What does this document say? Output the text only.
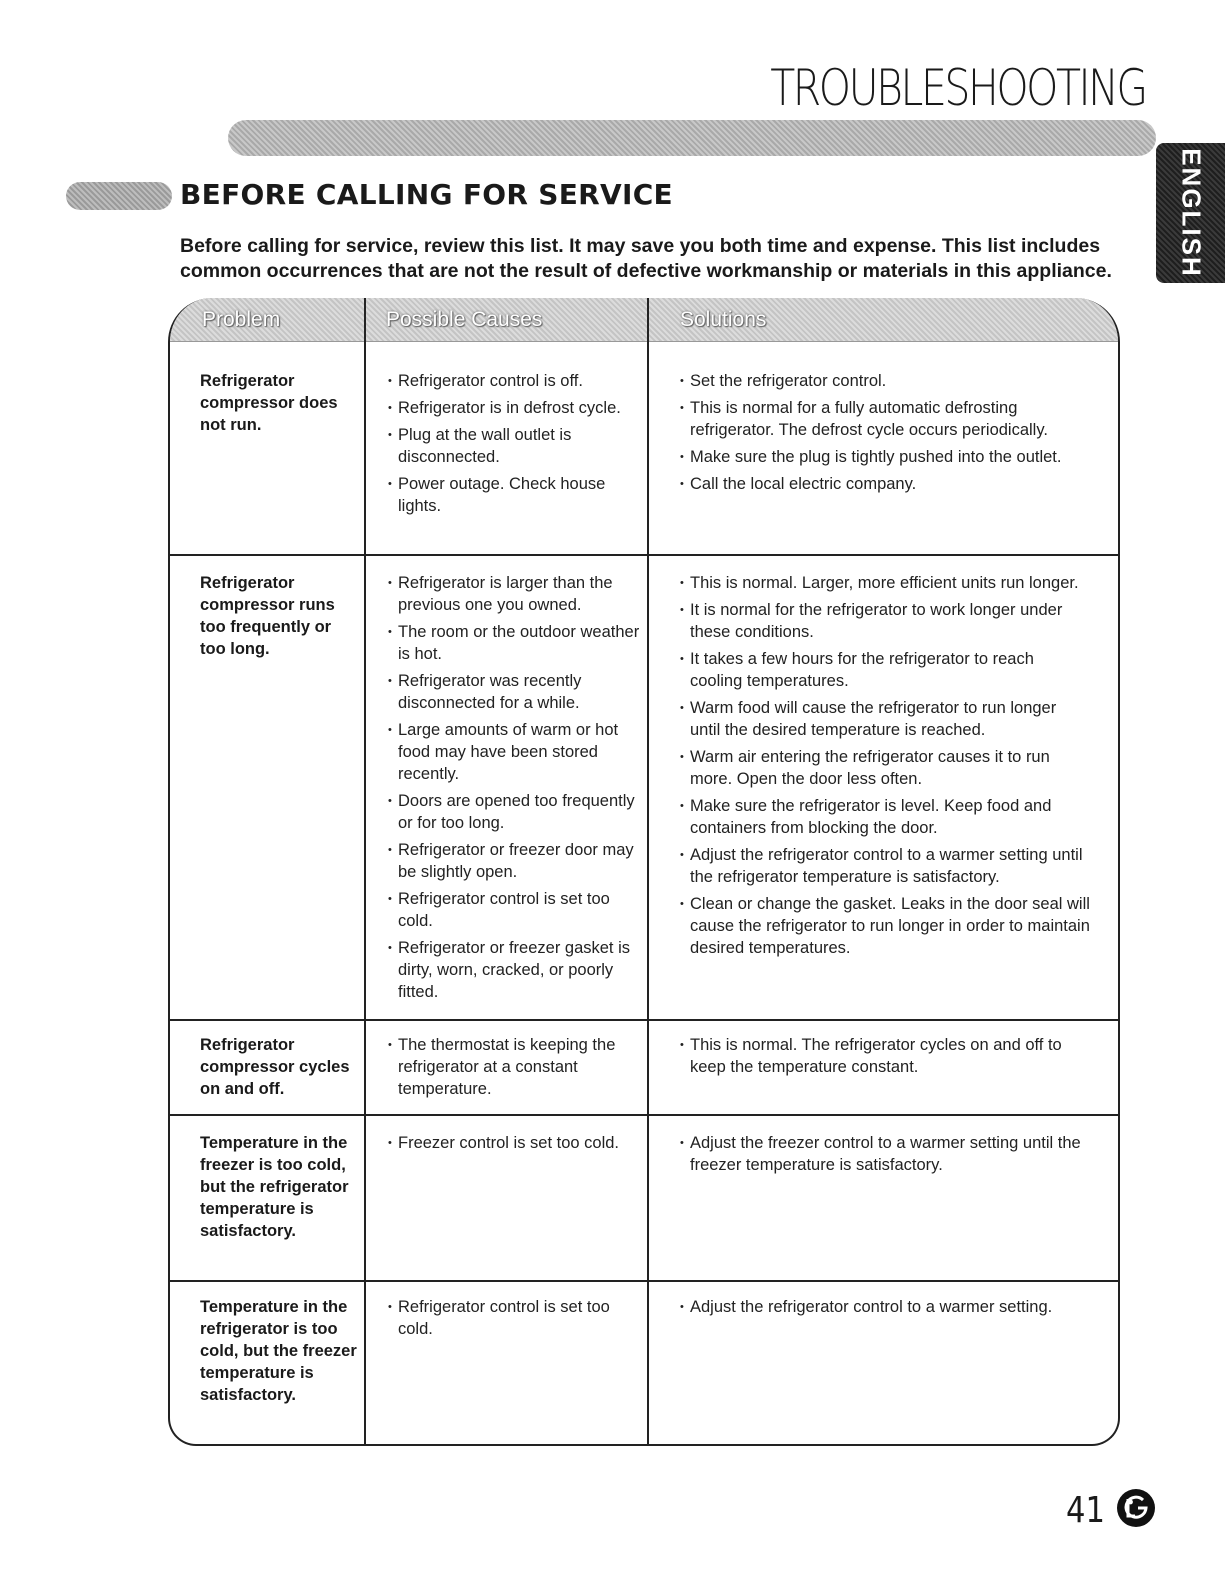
TROUBLESHOOTING
ENGLISH
BEFORE CALLING FOR SERVICE
Before calling for service, review this list. It may save you both time and expense. This list includes common occurrences that are not the result of defective workmanship or materials in this appliance.
Problem	Possible Causes	Solutions
Refrigerator compressor does not run.
• Refrigerator control is off.
• Refrigerator is in defrost cycle.
• Plug at the wall outlet is disconnected.
• Power outage. Check house lights.
• Set the refrigerator control.
• This is normal for a fully automatic defrosting refrigerator. The defrost cycle occurs periodically.
• Make sure the plug is tightly pushed into the outlet.
• Call the local electric company.
Refrigerator compressor runs too frequently or too long.
• Refrigerator is larger than the previous one you owned.
• The room or the outdoor weather is hot.
• Refrigerator was recently disconnected for a while.
• Large amounts of warm or hot food may have been stored recently.
• Doors are opened too frequently or for too long.
• Refrigerator or freezer door may be slightly open.
• Refrigerator control is set too cold.
• Refrigerator or freezer gasket is dirty, worn, cracked, or poorly fitted.
• This is normal. Larger, more efficient units run longer.
• It is normal for the refrigerator to work longer under these conditions.
• It takes a few hours for the refrigerator to reach cooling temperatures.
• Warm food will cause the refrigerator to run longer until the desired temperature is reached.
• Warm air entering the refrigerator causes it to run more. Open the door less often.
• Make sure the refrigerator is level. Keep food and containers from blocking the door.
• Adjust the refrigerator control to a warmer setting until the refrigerator temperature is satisfactory.
• Clean or change the gasket. Leaks in the door seal will cause the refrigerator to run longer in order to maintain desired temperatures.
Refrigerator compressor cycles on and off.
• The thermostat is keeping the refrigerator at a constant temperature.
• This is normal. The refrigerator cycles on and off to keep the temperature constant.
Temperature in the freezer is too cold, but the refrigerator temperature is satisfactory.
• Freezer control is set too cold.
•	Adjust the freezer control to a warmer setting until the freezer temperature is satisfactory.
Temperature in the refrigerator is too cold, but the freezer temperature is satisfactory.
• Refrigerator control is set too cold.
• Adjust the refrigerator control to a warmer setting.
41
